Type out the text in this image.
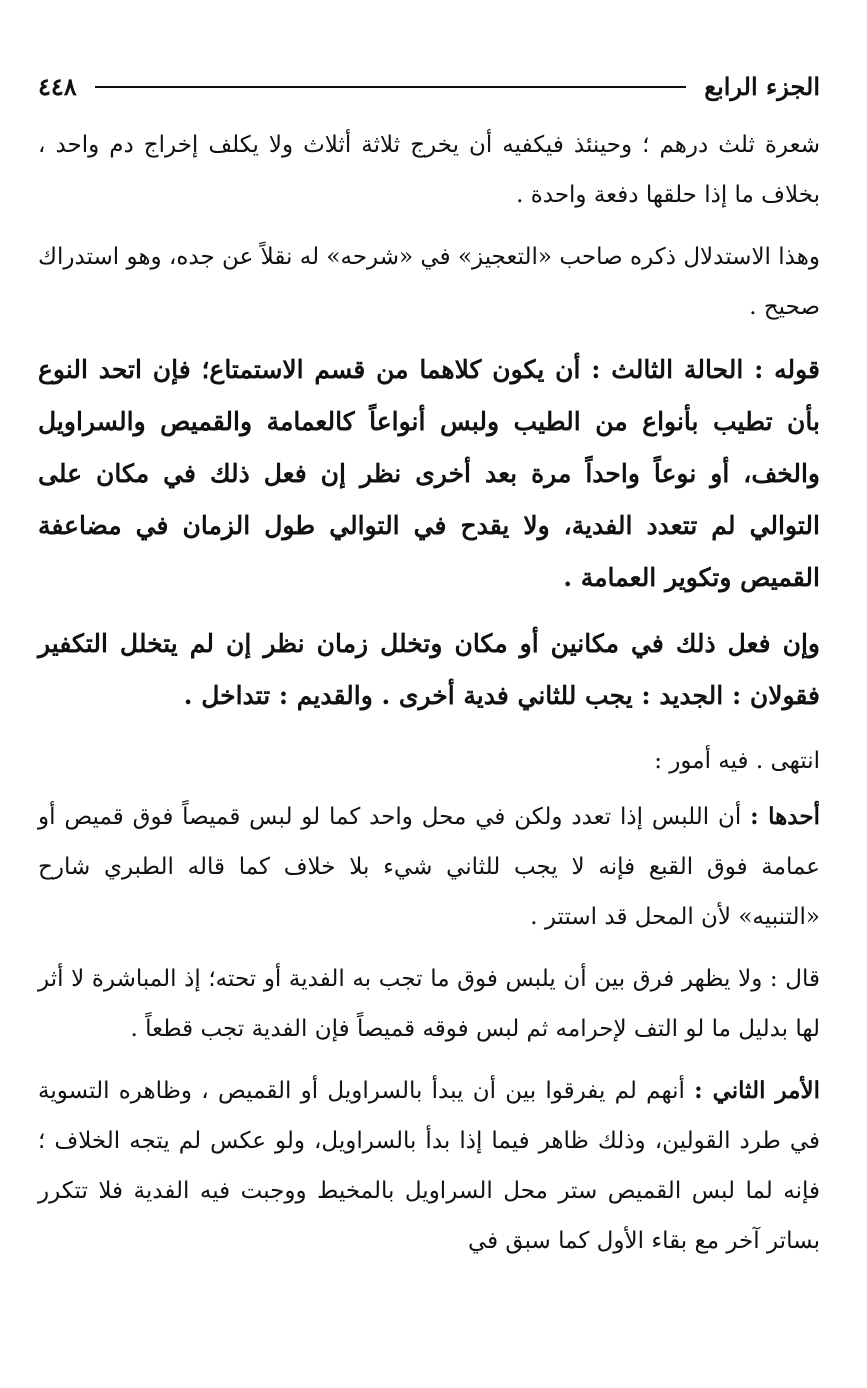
الجزء الرابع
٤٤٨

شعرة ثلث درهم ؛ وحينئذ فيكفيه أن يخرج ثلاثة أثلاث ولا يكلف إخراج دم واحد ، بخلاف ما إذا حلقها دفعة واحدة .

وهذا الاستدلال ذكره صاحب «التعجيز» في «شرحه» له نقلاً عن جده، وهو استدراك صحيح .

قوله : الحالة الثالث : أن يكون كلاهما من قسم الاستمتاع؛ فإن اتحد النوع بأن تطيب بأنواع من الطيب ولبس أنواعاً كالعمامة والقميص والسراويل والخف، أو نوعاً واحداً مرة بعد أخرى نظر إن فعل ذلك في مكان على التوالي لم تتعدد الفدية، ولا يقدح في التوالي طول الزمان في مضاعفة القميص وتكوير العمامة .

وإن فعل ذلك في مكانين أو مكان وتخلل زمان نظر إن لم يتخلل التكفير فقولان : الجديد : يجب للثاني فدية أخرى . والقديم : تتداخل .

انتهى . فيه أمور :

أحدها : أن اللبس إذا تعدد ولكن في محل واحد كما لو لبس قميصاً فوق قميص أو عمامة فوق القبع فإنه لا يجب للثاني شيء بلا خلاف كما قاله الطبري شارح «التنبيه» لأن المحل قد استتر .

قال : ولا يظهر فرق بين أن يلبس فوق ما تجب به الفدية أو تحته؛ إذ المباشرة لا أثر لها بدليل ما لو التف لإحرامه ثم لبس فوقه قميصاً فإن الفدية تجب قطعاً .

الأمر الثاني : أنهم لم يفرقوا بين أن يبدأ بالسراويل أو القميص ، وظاهره التسوية في طرد القولين، وذلك ظاهر فيما إذا بدأ بالسراويل، ولو عكس لم يتجه الخلاف ؛فإنه لما لبس القميص ستر محل السراويل بالمخيط ووجبت فيه الفدية فلا تتكرر بساتر آخر مع بقاء الأول كما سبق في
